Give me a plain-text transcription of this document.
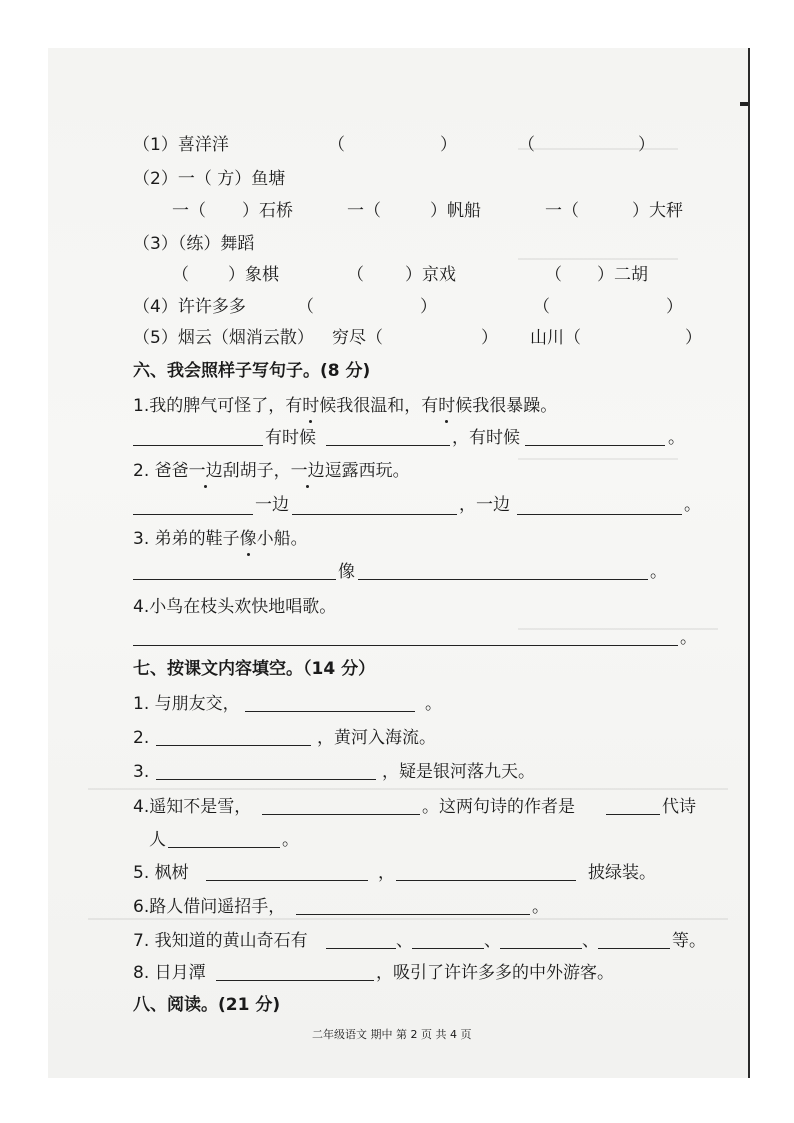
（1）喜洋洋	（	）	（	）
（2）一（ 方）鱼塘
一（ ）石桥	一（	）帆船	一（	）大秤
（3）（练）舞蹈
（ ）象棋	（ ）京戏	（ ）二胡
（4）许许多多	（	）	（	）
（5）烟云（烟消云散） 穷尽（	） 山川（	）
六、我会照样子写句子。(8 分)
1.我的脾气可怪了，有时候我很温和，有时候我很暴躁。
有时候	，有时候	。
2. 爸爸一边刮胡子，一边逗露西玩。
一边	，一边	。
3. 弟弟的鞋子像小船。
像	。
4.小鸟在枝头欢快地唱歌。
。
七、按课文内容填空。（14 分）
1. 与朋友交，	。
2.	，黄河入海流。
3.	，疑是银河落九天。
4.遥知不是雪，	。这两句诗的作者是	代诗
人	。
5. 枫树	，	披绿装。
6.路人借问遥招手，	。
7. 我知道的黄山奇石有	、	、	、	等。
8. 日月潭	，吸引了许许多多的中外游客。
八、阅读。(21 分)
二年级语文 期中 第 2 页 共 4 页
